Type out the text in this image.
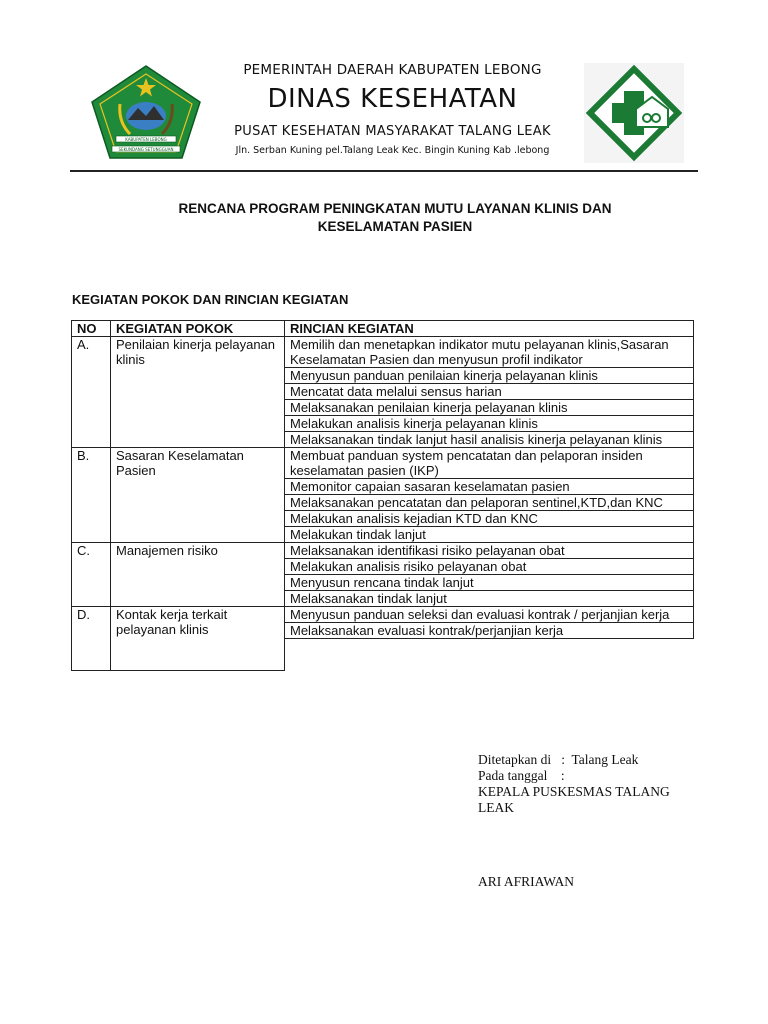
KABUPATEN LEBONG
SEKUNDANG SETUNGGUAN
PEMERINTAH DAERAH KABUPATEN LEBONG
DINAS KESEHATAN
PUSAT KESEHATAN MASYARAKAT TALANG LEAK
Jln. Serban Kuning pel.Talang Leak Kec. Bingin Kuning Kab .lebong
RENCANA PROGRAM PENINGKATAN MUTU LAYANAN KLINIS DAN
KESELAMATAN PASIEN
KEGIATAN POKOK DAN RINCIAN KEGIATAN
NO	KEGIATAN POKOK	RINCIAN KEGIATAN
A.	Penilaian kinerja pelayanan klinis	Memilih dan menetapkan indikator mutu pelayanan klinis,Sasaran Keselamatan Pasien dan menyusun profil indikator
		Menyusun panduan penilaian kinerja pelayanan klinis
		Mencatat data melalui sensus harian
		Melaksanakan penilaian kinerja pelayanan klinis
		Melakukan analisis kinerja pelayanan klinis
		Melaksanakan tindak lanjut hasil analisis kinerja pelayanan klinis
B.	Sasaran Keselamatan Pasien	Membuat panduan system pencatatan dan pelaporan insiden keselamatan pasien (IKP)
		Memonitor capaian sasaran keselamatan pasien
		Melaksanakan pencatatan dan pelaporan sentinel,KTD,dan KNC
		Melakukan analisis kejadian KTD dan KNC
		Melakukan tindak lanjut
C.	Manajemen risiko	Melaksanakan identifikasi risiko pelayanan obat
		Melakukan analisis risiko pelayanan obat
		Menyusun rencana tindak lanjut
		Melaksanakan tindak lanjut
D.	Kontak kerja terkait pelayanan klinis	Menyusun panduan seleksi dan evaluasi kontrak / perjanjian kerja
		Melaksanakan evaluasi kontrak/perjanjian kerja

Ditetapkan di   :  Talang Leak
Pada tanggal    :
KEPALA PUSKESMAS TALANG
LEAK
ARI AFRIAWAN
